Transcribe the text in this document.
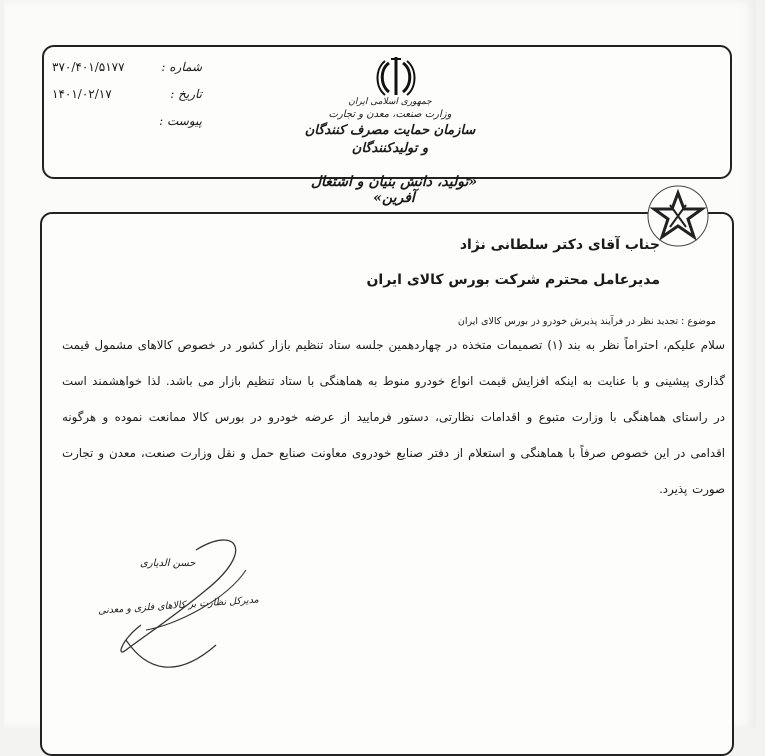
شماره :
۳۷۰/۴۰۱/۵۱۷۷
تاریخ :
۱۴۰۱/۰۲/۱۷
پیوست :
جمهوری اسلامی ایران
وزارت صنعت، معدن و تجارت
سازمان حمایت مصرف کنندگان و تولیدکنندگان
«تولید، دانش بنیان و اشتغال آفرین»
جناب آقای دکتر سلطانی نژاد
مدیرعامل محترم شرکت بورس کالای ایران
موضوع : تجدید نظر در فرآیند پذیرش خودرو در بورس کالای ایران
سلام علیکم، احتراماً نظر به بند (۱) تصمیمات متخذه در چهاردهمین جلسه ستاد تنظیم بازار کشور در خصوص کالاهای مشمول قیمت گذاری پیشینی و با عنایت به اینکه افزایش قیمت انواع خودرو منوط به هماهنگی با ستاد تنظیم بازار می باشد. لذا خواهشمند است در راستای هماهنگی با وزارت متبوع و اقدامات نظارتی، دستور فرمایید از عرضه خودرو در بورس کالا ممانعت نموده و هرگونه اقدامی در این خصوص صرفاً با هماهنگی و استعلام از دفتر صنایع خودروی معاونت صنایع حمل و نقل وزارت صنعت، معدن و تجارت صورت پذیرد.
حسن الدیاری
مدیرکل نظارت بر کالاهای فلزی و معدنی
